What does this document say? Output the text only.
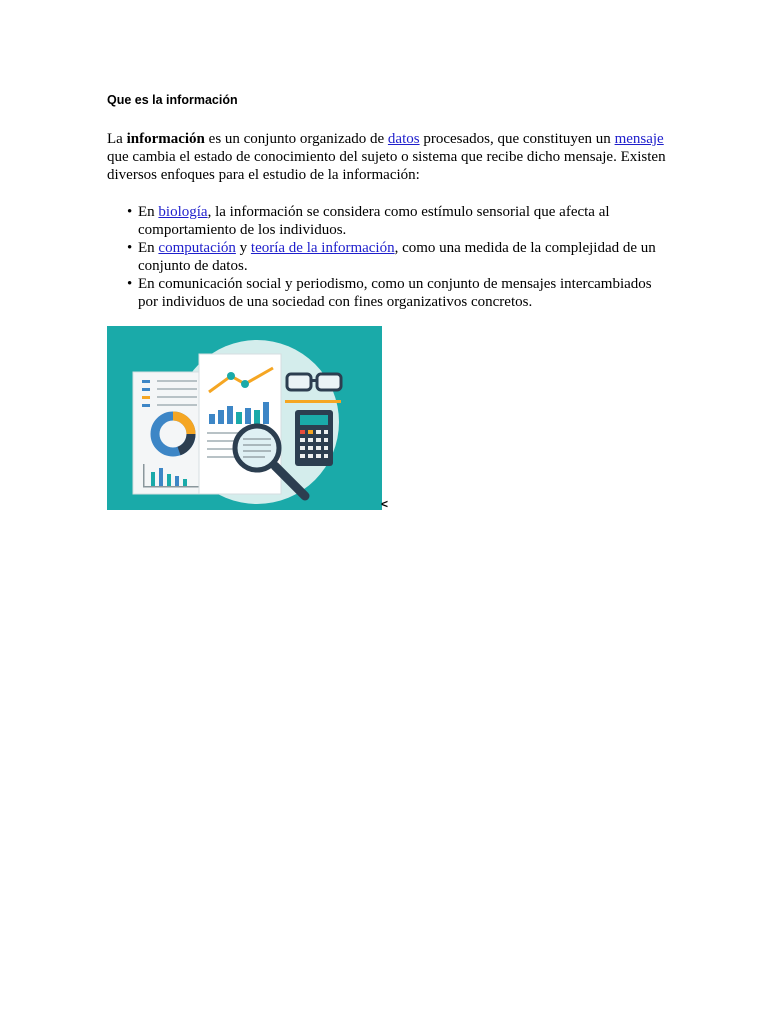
Que es la información

La información es un conjunto organizado de datos procesados, que constituyen un mensaje que cambia el estado de conocimiento del sujeto o sistema que recibe dicho mensaje. Existen diversos enfoques para el estudio de la información:

• En biología, la información se considera como estímulo sensorial que afecta al comportamiento de los individuos.
• En computación y teoría de la información, como una medida de la complejidad de un conjunto de datos.
• En comunicación social y periodismo, como un conjunto de mensajes intercambiados por individuos de una sociedad con fines organizativos concretos.
<
